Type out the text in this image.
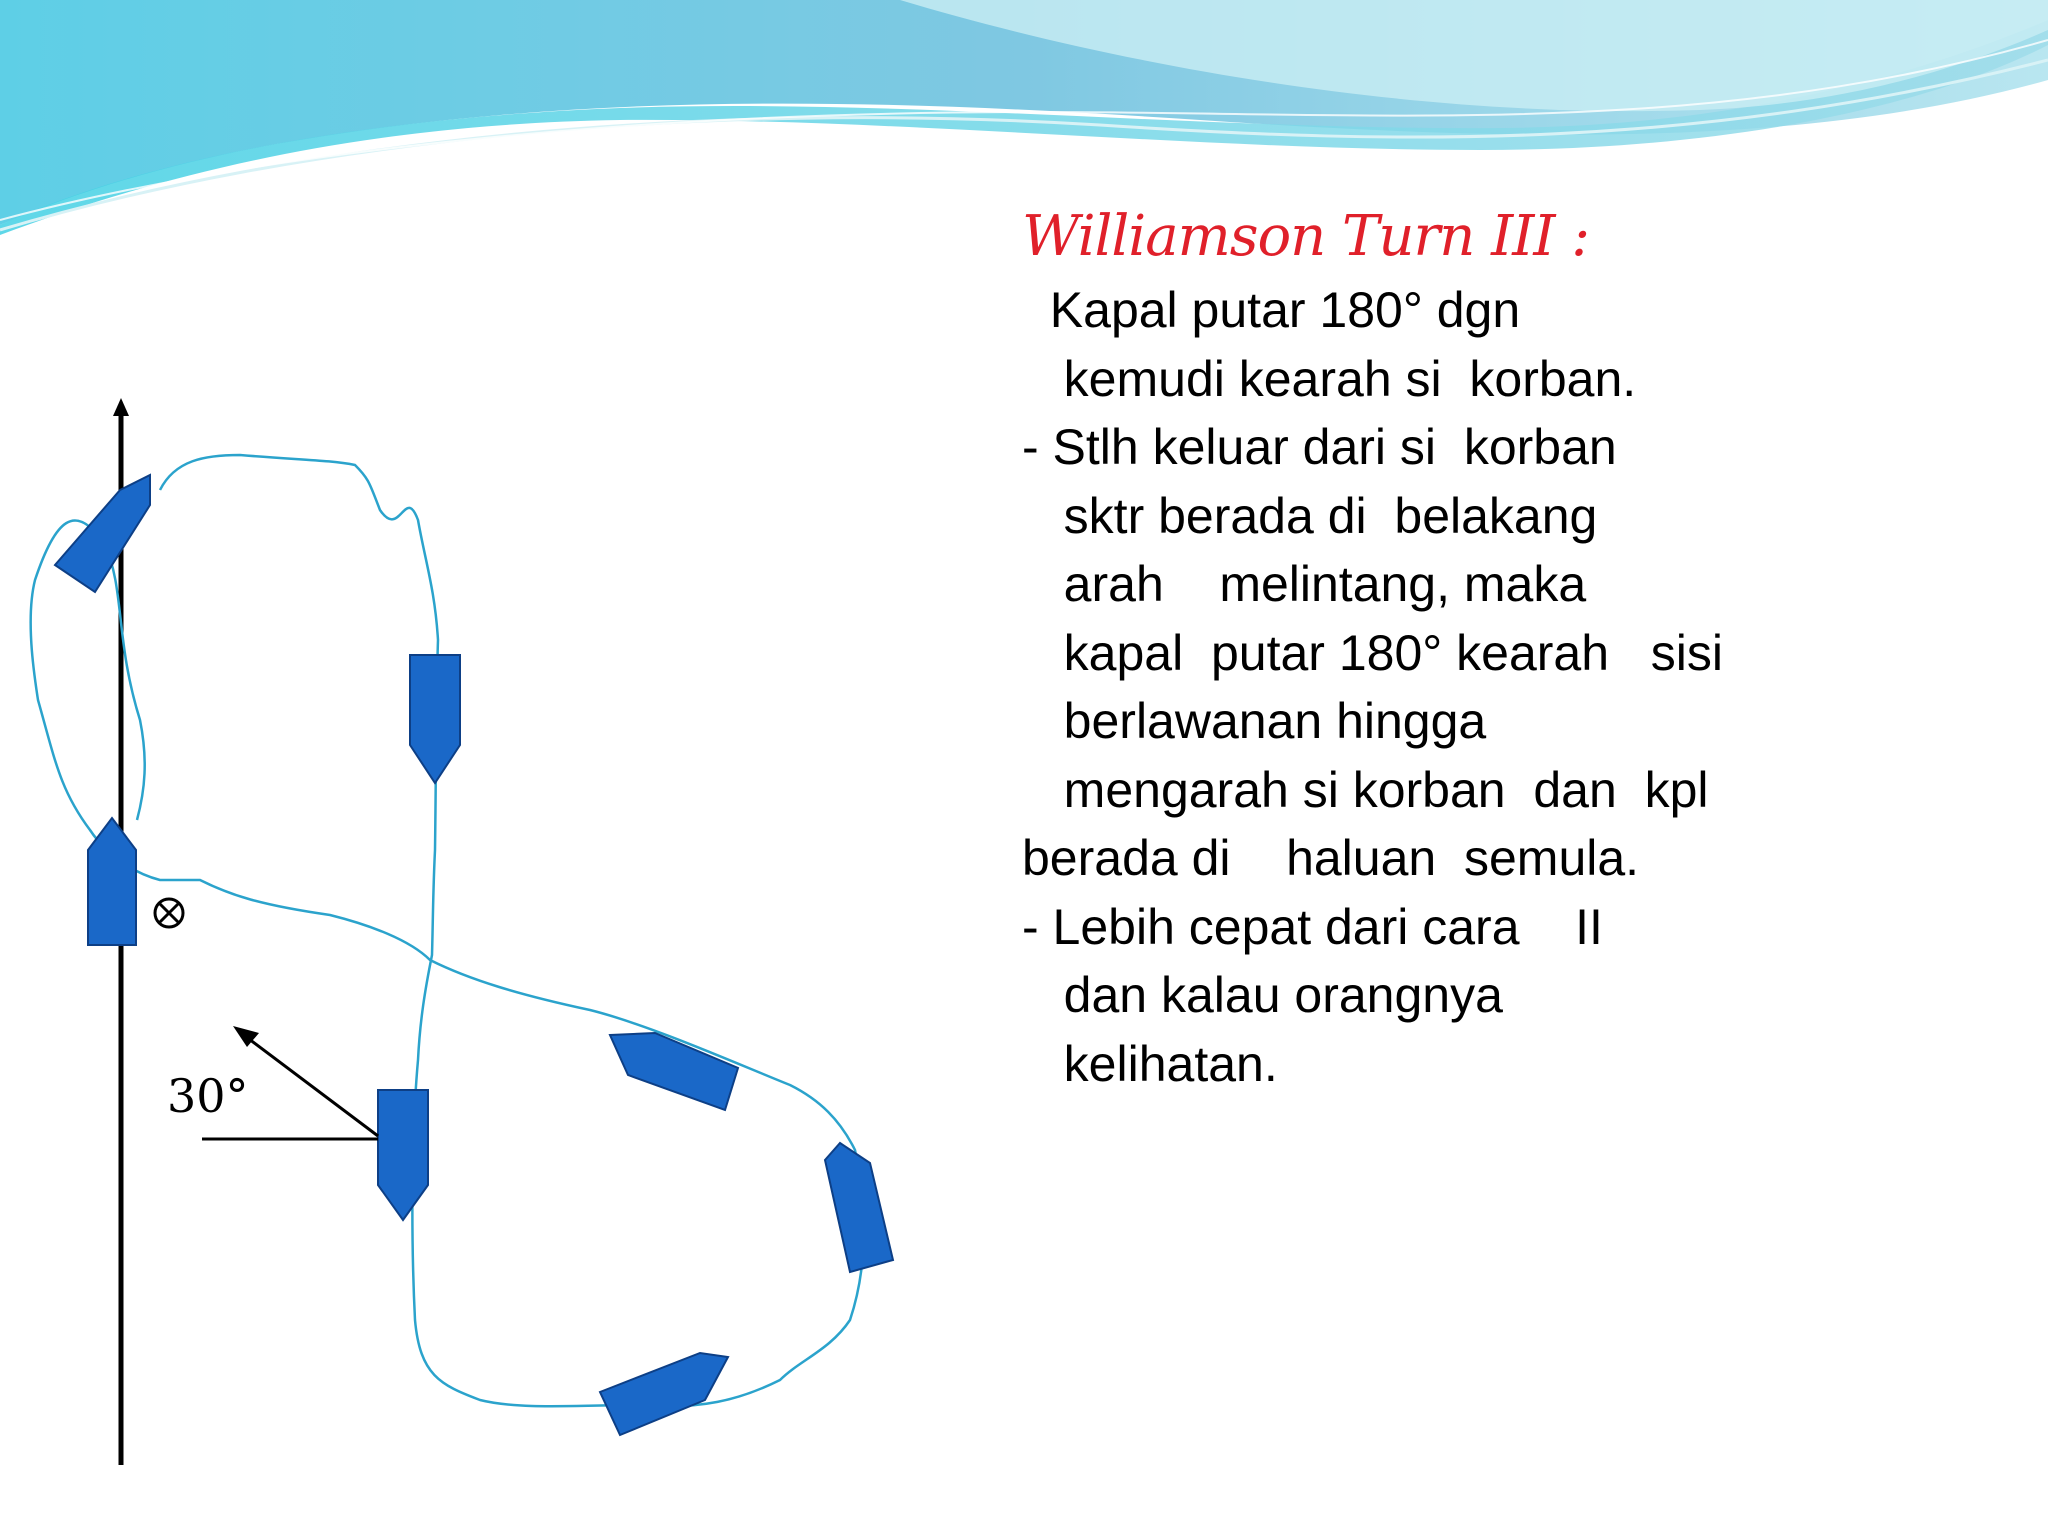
30°
Williamson Turn III :
Kapal putar 180° dgn
kemudi kearah si  korban.
- Stlh keluar dari si  korban
sktr berada di  belakang
arah    melintang, maka
kapal  putar 180° kearah   sisi
berlawanan hingga
mengarah si korban  dan  kpl
berada di    haluan  semula.
- Lebih cepat dari cara    II
dan kalau orangnya
kelihatan.
